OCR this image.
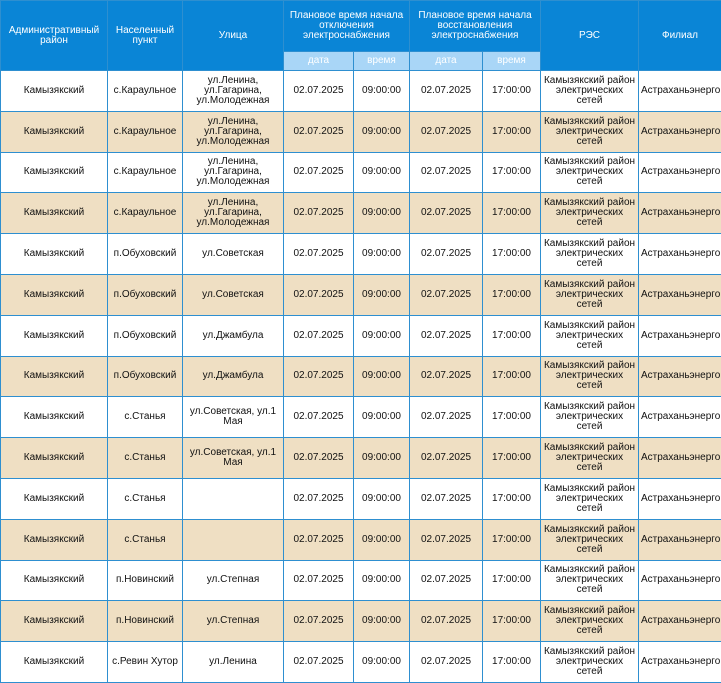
Административный район	Населенный пункт	Улица	Плановое время начала отключения электроснабжения		Плановое время начала восстановления электроснабжения		РЭС	Филиал
			дата	время	дата	время		
Камызякский	с.Караульное	ул.Ленина, ул.Гагарина, ул.Молодежная	02.07.2025	09:00:00	02.07.2025	17:00:00	Камызякский район электрических сетей	Астраханьэнерго
Камызякский	с.Караульное	ул.Ленина, ул.Гагарина, ул.Молодежная	02.07.2025	09:00:00	02.07.2025	17:00:00	Камызякский район электрических сетей	Астраханьэнерго
Камызякский	с.Караульное	ул.Ленина, ул.Гагарина, ул.Молодежная	02.07.2025	09:00:00	02.07.2025	17:00:00	Камызякский район электрических сетей	Астраханьэнерго
Камызякский	с.Караульное	ул.Ленина, ул.Гагарина, ул.Молодежная	02.07.2025	09:00:00	02.07.2025	17:00:00	Камызякский район электрических сетей	Астраханьэнерго
Камызякский	п.Обуховский	ул.Советская	02.07.2025	09:00:00	02.07.2025	17:00:00	Камызякский район электрических сетей	Астраханьэнерго
Камызякский	п.Обуховский	ул.Советская	02.07.2025	09:00:00	02.07.2025	17:00:00	Камызякский район электрических сетей	Астраханьэнерго
Камызякский	п.Обуховский	ул.Джамбула	02.07.2025	09:00:00	02.07.2025	17:00:00	Камызякский район электрических сетей	Астраханьэнерго
Камызякский	п.Обуховский	ул.Джамбула	02.07.2025	09:00:00	02.07.2025	17:00:00	Камызякский район электрических сетей	Астраханьэнерго
Камызякский	с.Станья	ул.Советская, ул.1 Мая	02.07.2025	09:00:00	02.07.2025	17:00:00	Камызякский район электрических сетей	Астраханьэнерго
Камызякский	с.Станья	ул.Советская, ул.1 Мая	02.07.2025	09:00:00	02.07.2025	17:00:00	Камызякский район электрических сетей	Астраханьэнерго
Камызякский	с.Станья		02.07.2025	09:00:00	02.07.2025	17:00:00	Камызякский район электрических сетей	Астраханьэнерго
Камызякский	с.Станья		02.07.2025	09:00:00	02.07.2025	17:00:00	Камызякский район электрических сетей	Астраханьэнерго
Камызякский	п.Новинский	ул.Степная	02.07.2025	09:00:00	02.07.2025	17:00:00	Камызякский район электрических сетей	Астраханьэнерго
Камызякский	п.Новинский	ул.Степная	02.07.2025	09:00:00	02.07.2025	17:00:00	Камызякский район электрических сетей	Астраханьэнерго
Камызякский	с.Ревин Хутор	ул.Ленина	02.07.2025	09:00:00	02.07.2025	17:00:00	Камызякский район электрических сетей	Астраханьэнерго
